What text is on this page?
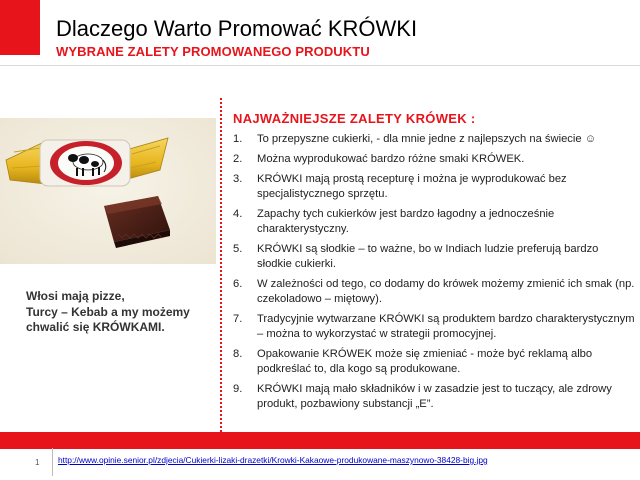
Dlaczego Warto Promować KRÓWKI
WYBRANE ZALETY PROMOWANEGO PRODUKTU
Włosi mają pizze,
Turcy – Kebab a my możemy
chwalić się KRÓWKAMI.
NAJWAŻNIEJSZE ZALETY KRÓWEK :
1.	To przepyszne cukierki, - dla mnie jedne z najlepszych na świecie ☺
2.	Można wyprodukować bardzo różne smaki KRÓWEK.
3.	KRÓWKI mają prostą recepturę i można je wyprodukować bez specjalistycznego sprzętu.
4.	Zapachy tych cukierków jest bardzo łagodny a jednocześnie charakterystyczny.
5.	KRÓWKI są słodkie – to ważne, bo w Indiach ludzie preferują bardzo słodkie cukierki.
6.	W zależności od tego, co dodamy do krówek możemy zmienić ich smak (np. czekoladowo – miętowy).
7.	Tradycyjnie wytwarzane KRÓWKI są produktem bardzo charakterystycznym – można to wykorzystać w strategii promocyjnej.
8.	Opakowanie KRÓWEK może się zmieniać - może być reklamą albo podkreślać to, dla kogo są produkowane.
9.	KRÓWKI mają mało składników i w zasadzie jest to tuczący, ale zdrowy produkt, pozbawiony substancji „E”.
1 http://www.opinie.senior.pl/zdjecia/Cukierki-lizaki-drazetki/Krowki-Kakaowe-produkowane-maszynowo-38428-big.jpg
